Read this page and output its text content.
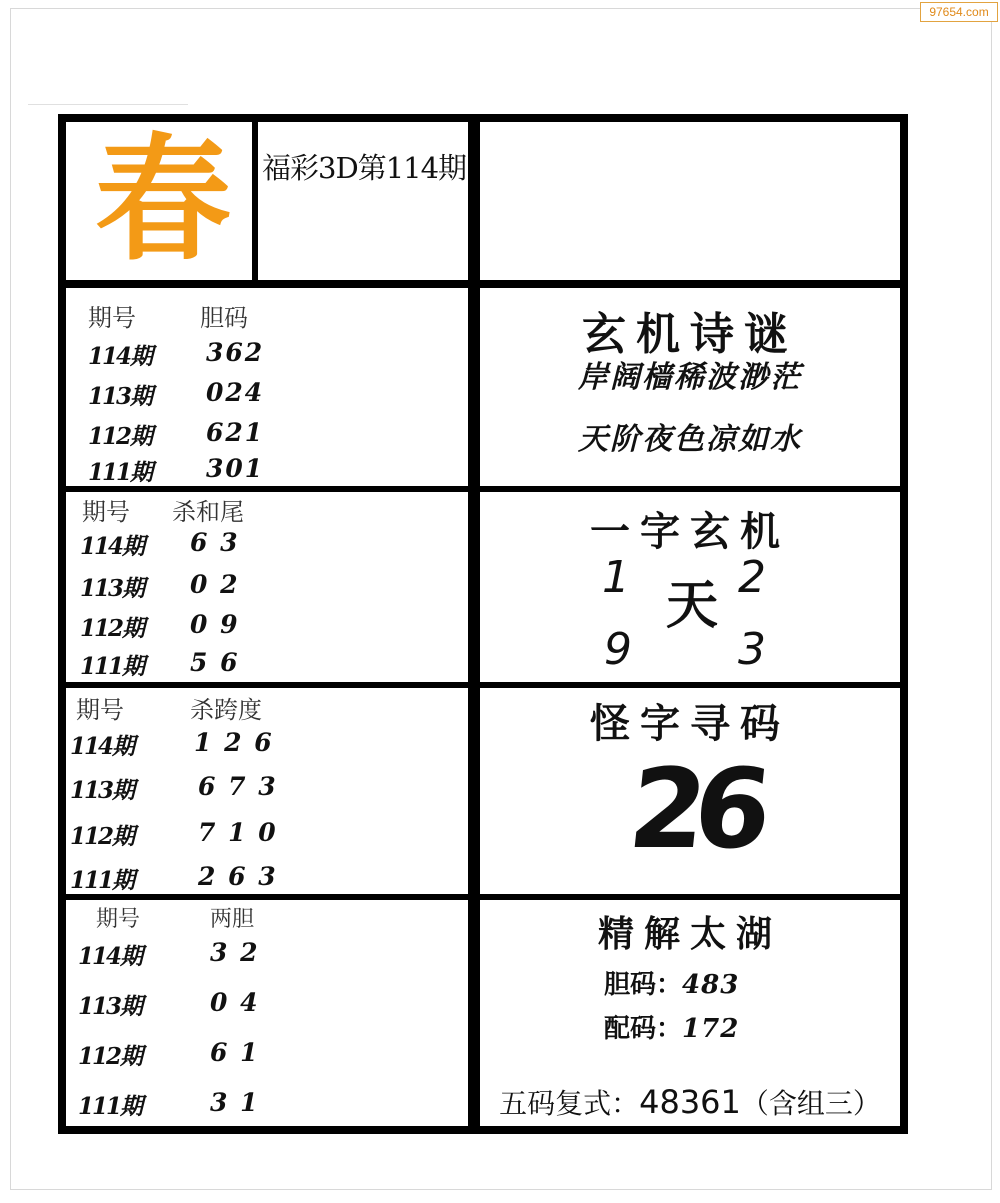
97654.com
春	福彩3D第114期
期号	胆码
114期 362
113期 024
112期 621
111期 301
期号 杀和尾
114期 6 3
113期 0 2
112期 0 9
111期 5 6
期号	杀跨度
114期 1 2 6
113期	6 7 3
112期	7 1 0
111期	2 6 3
期号	两胆
114期	3 2
113期	0 4
112期	6 1
111期	3 1
玄机诗谜
岸阔樯稀波渺茫
天阶夜色凉如水
一字玄机
1 2
天
9 3
怪字寻码
26
精解太湖
胆码：483
配码：172
五码复式：48361（含组三）
